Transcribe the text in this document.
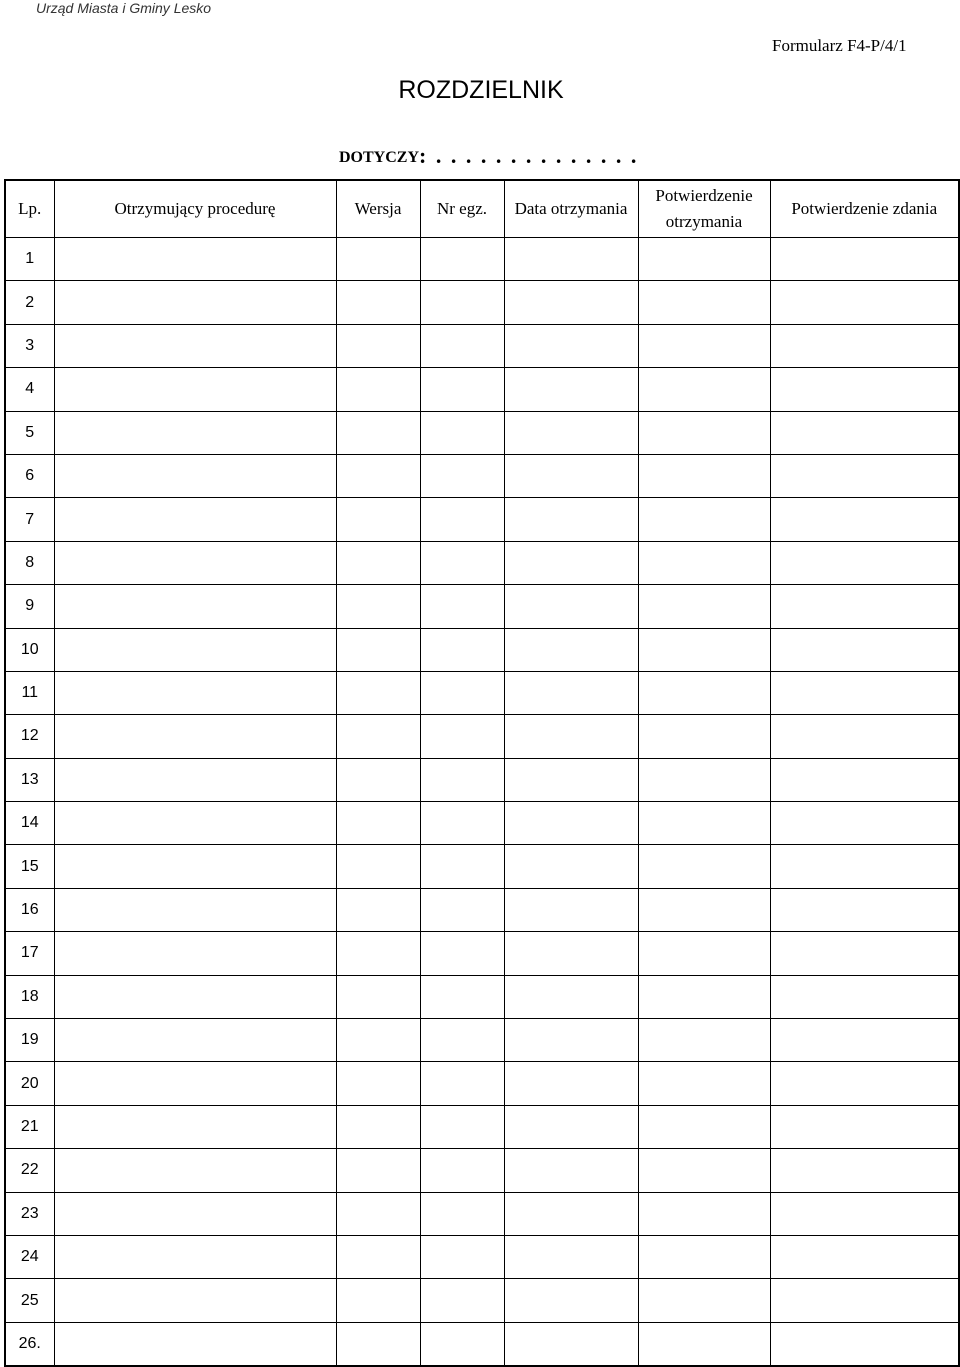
Urząd Miasta i Gminy Lesko
Formularz F4-P/4/1
ROZDZIELNIK
DOTYCZY: . . . . . . . . . . . . . .
Lp.	Otrzymujący procedurę	Wersja	Nr egz.	Data otrzymania	Potwierdzenie otrzymania	Potwierdzenie zdania
1						
2						
3						
4						
5						
6						
7						
8						
9						
10						
11						
12						
13						
14						
15						
16						
17						
18						
19						
20						
21						
22						
23						
24						
25						
26.						
